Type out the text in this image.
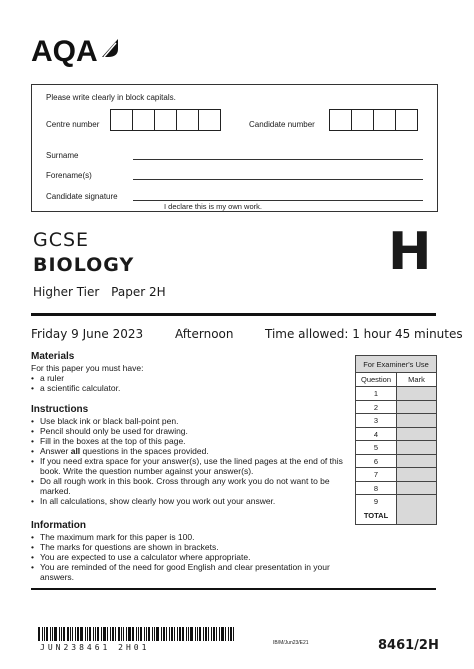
AQA
Please write clearly in block capitals.
Centre number	Candidate number
Surname
Forename(s)
Candidate signature
I declare this is my own work.
GCSE
BIOLOGY	H
Higher Tier Paper 2H
Friday 9 June 2023	Afternoon	Time allowed: 1 hour 45 minutes
Materials
For this paper you must have:
• a ruler
• a scientific calculator.
Instructions
• Use black ink or black ball-point pen.
• Pencil should only be used for drawing.
• Fill in the boxes at the top of this page.
• Answer all questions in the spaces provided.
• If you need extra space for your answer(s), use the lined pages at the end of this book. Write the question number against your answer(s).
• Do all rough work in this book. Cross through any work you do not want to be marked.
• In all calculations, show clearly how you work out your answer.
Information
• The maximum mark for this paper is 100.
• The marks for questions are shown in brackets.
• You are expected to use a calculator where appropriate.
• You are reminded of the need for good English and clear presentation in your answers.
For Examiner's Use
Question	Mark
1
2
3
4
5
6
7
8
9
TOTAL
JUN238461 2H01	IB/M/Jun23/E21	8461/2H
